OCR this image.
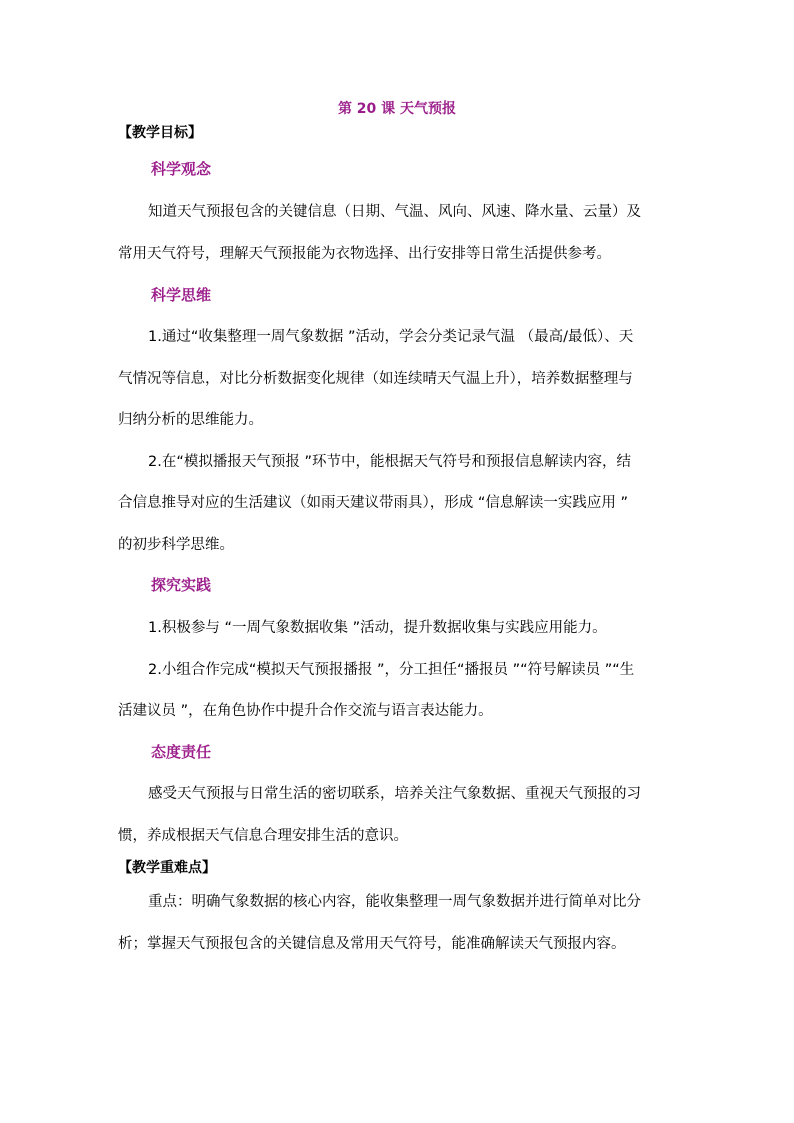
第 20 课 天气预报
【教学目标】
科学观念
知道天气预报包含的关键信息（日期、气温、风向、风速、降水量、云量）及
常用天气符号，理解天气预报能为衣物选择、出行安排等日常生活提供参考。
科学思维
1.通过“收集整理一周气象数据 ”活动，学会分类记录气温 （最高/最低）、天
气情况等信息，对比分析数据变化规律（如连续晴天气温上升），培养数据整理与
归纳分析的思维能力。
2.在“模拟播报天气预报 ”环节中，能根据天气符号和预报信息解读内容，结
合信息推导对应的生活建议（如雨天建议带雨具），形成 “信息解读一实践应用 ”
的初步科学思维。
探究实践
1.积极参与 “一周气象数据收集 ”活动，提升数据收集与实践应用能力。
2.小组合作完成“模拟天气预报播报 ”，分工担任“播报员 ”“符号解读员 ”“生
活建议员 ”，在角色协作中提升合作交流与语言表达能力。
态度责任
感受天气预报与日常生活的密切联系，培养关注气象数据、重视天气预报的习
惯，养成根据天气信息合理安排生活的意识。
【教学重难点】
重点：明确气象数据的核心内容，能收集整理一周气象数据并进行简单对比分
析；掌握天气预报包含的关键信息及常用天气符号，能准确解读天气预报内容。
